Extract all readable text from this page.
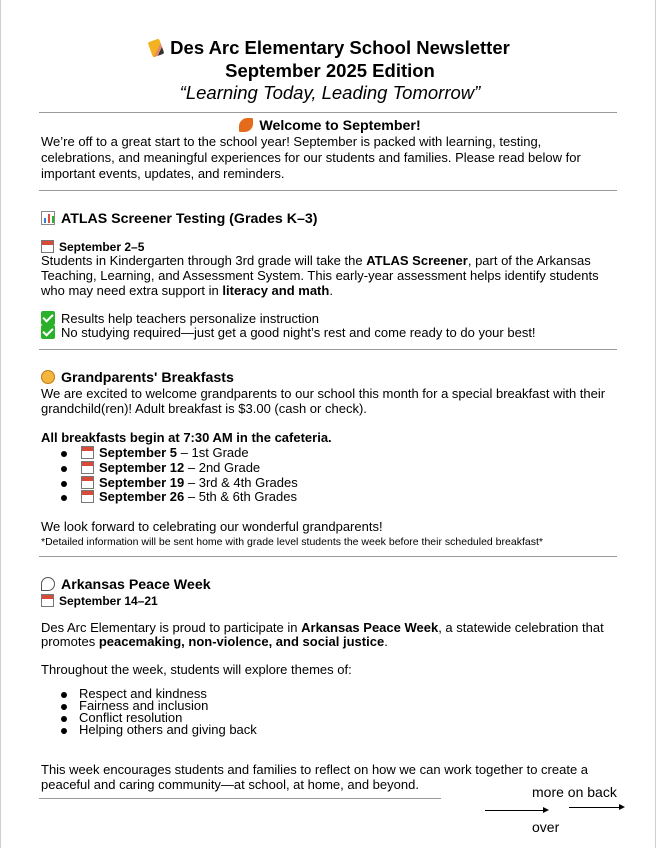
Des Arc Elementary School Newsletter
September 2025 Edition
“Learning Today, Leading Tomorrow”
Welcome to September!
We’re off to a great start to the school year! September is packed with learning, testing,
celebrations, and meaningful experiences for our students and families. Please read below for
important events, updates, and reminders.
ATLAS Screener Testing (Grades K–3)
September 2–5
Students in Kindergarten through 3rd grade will take the ATLAS Screener, part of the Arkansas
Teaching, Learning, and Assessment System. This early-year assessment helps identify students
who may need extra support in literacy and math.
Results help teachers personalize instruction
No studying required—just get a good night’s rest and come ready to do your best!
Grandparents' Breakfasts
We are excited to welcome grandparents to our school this month for a special breakfast with their
grandchild(ren)! Adult breakfast is $3.00 (cash or check).
All breakfasts begin at 7:30 AM in the cafeteria.
September 5 – 1st Grade
September 12 – 2nd Grade
September 19 – 3rd & 4th Grades
September 26 – 5th & 6th Grades
We look forward to celebrating our wonderful grandparents!
*Detailed information will be sent home with grade level students the week before their scheduled breakfast*
Arkansas Peace Week
September 14–21
Des Arc Elementary is proud to participate in Arkansas Peace Week, a statewide celebration that
promotes peacemaking, non-violence, and social justice.
Throughout the week, students will explore themes of:
Respect and kindness
Fairness and inclusion
Conflict resolution
Helping others and giving back
This week encourages students and families to reflect on how we can work together to create a
peaceful and caring community—at school, at home, and beyond.	more on back
over
